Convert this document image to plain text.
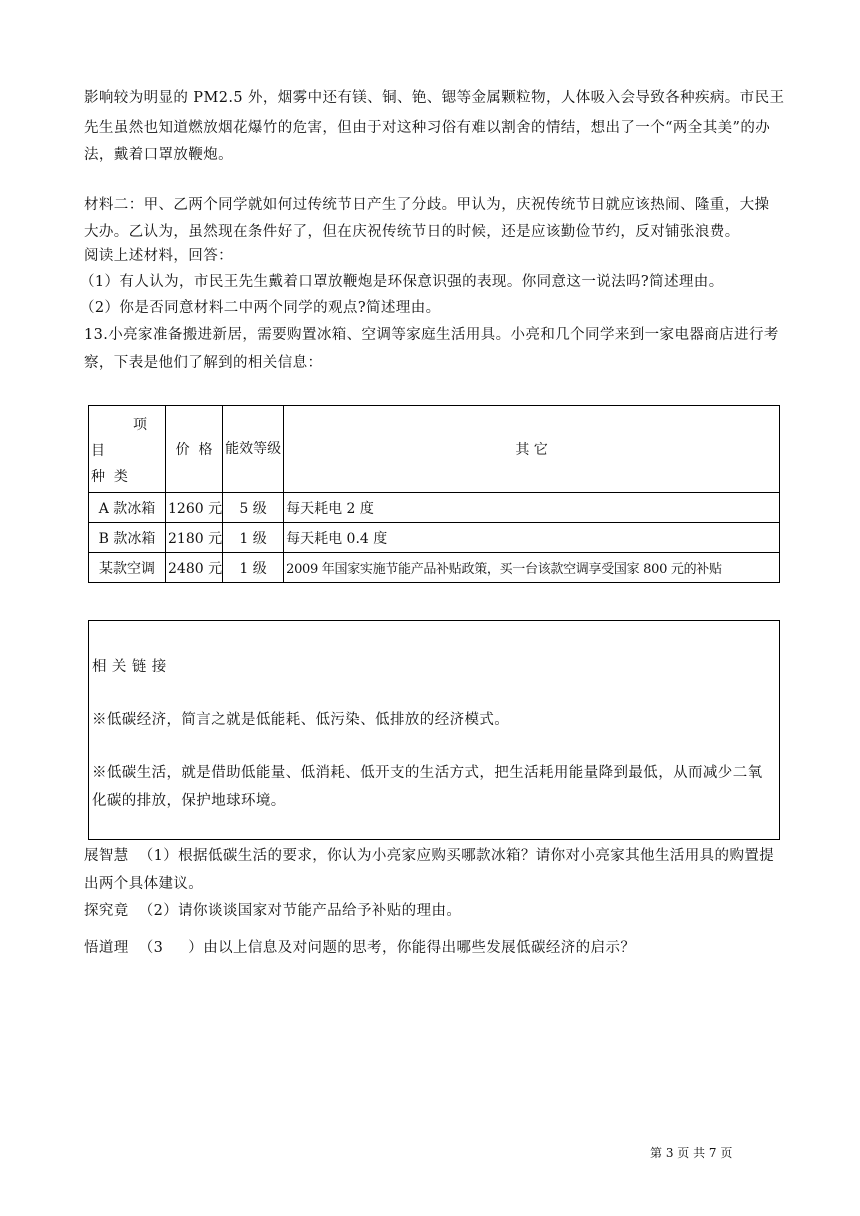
影响较为明显的 PM2.5 外，烟雾中还有镁、铜、铯、锶等金属颗粒物，人体吸入会导致各种疾病。市民王
先生虽然也知道燃放烟花爆竹的危害，但由于对这种习俗有难以割舍的情结，想出了一个“两全其美”的办
法，戴着口罩放鞭炮。
材料二：甲、乙两个同学就如何过传统节日产生了分歧。甲认为，庆祝传统节日就应该热闹、隆重，大操
大办。乙认为，虽然现在条件好了，但在庆祝传统节日的时候，还是应该勤俭节约，反对铺张浪费。
阅读上述材料，回答：
（1）有人认为，市民王先生戴着口罩放鞭炮是环保意识强的表现。你同意这一说法吗?简述理由。
（2）你是否同意材料二中两个同学的观点?简述理由。
13.小亮家准备搬进新居，需要购置冰箱、空调等家庭生活用具。小亮和几个同学来到一家电器商店进行考
察，下表是他们了解到的相关信息：
项
目
种  类	价  格	能效等级	其 它
A 款冰箱	1260 元	5 级	每天耗电 2 度
B 款冰箱	2180 元	1 级	每天耗电 0.4 度
某款空调	2480 元	1 级	2009 年国家实施节能产品补贴政策，买一台该款空调享受国家 800 元的补贴
相 关 链 接
※低碳经济，简言之就是低能耗、低污染、低排放的经济模式。
※低碳生活，就是借助低能量、低消耗、低开支的生活方式，把生活耗用能量降到最低，从而减少二氧
化碳的排放，保护地球环境。
展智慧  （1）根据低碳生活的要求，你认为小亮家应购买哪款冰箱？请你对小亮家其他生活用具的购置提
出两个具体建议。
探究竟  （2）请你谈谈国家对节能产品给予补贴的理由。
悟道理  （3     ）由以上信息及对问题的思考，你能得出哪些发展低碳经济的启示？
第 3 页 共 7 页
